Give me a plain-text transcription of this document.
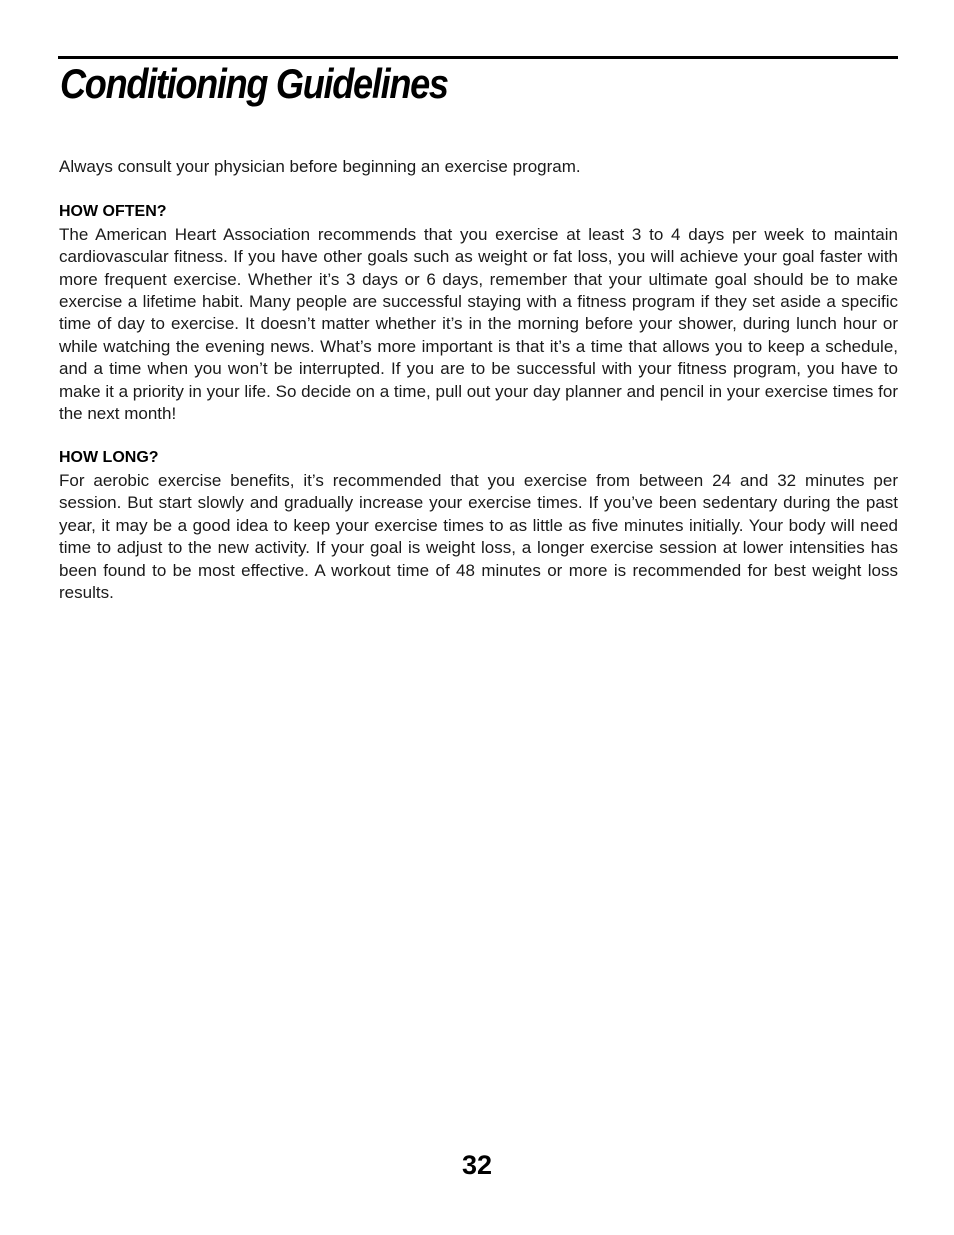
Conditioning Guidelines

Always consult your physician before beginning an exercise program.

HOW OFTEN?

The American Heart Association recommends that you exercise at least 3 to 4 days per week to maintain cardiovascular fitness. If you have other goals such as weight or fat loss, you will achieve your goal faster with more frequent exercise. Whether it’s 3 days or 6 days, remember that your ultimate goal should be to make exercise a lifetime habit. Many people are successful staying with a fitness program if they set aside a specific time of day to exercise. It doesn’t matter whether it’s in the morning before your shower, during lunch hour or while watching the evening news. What’s more important is that it’s a time that allows you to keep a schedule, and a time when you won’t be interrupted. If you are to be successful with your fitness program, you have to make it a priority in your life. So decide on a time, pull out your day planner and pencil in your exercise times for the next month!

HOW LONG?

For aerobic exercise benefits, it’s recommended that you exercise from between 24 and 32 minutes per session. But start slowly and gradually increase your exercise times. If you’ve been sedentary during the past year, it may be a good idea to keep your exercise times to as little as five minutes initially. Your body will need time to adjust to the new activity. If your goal is weight loss, a longer exercise session at lower intensities has been found to be most effective. A workout time of 48 minutes or more is recommended for best weight loss results.

32
